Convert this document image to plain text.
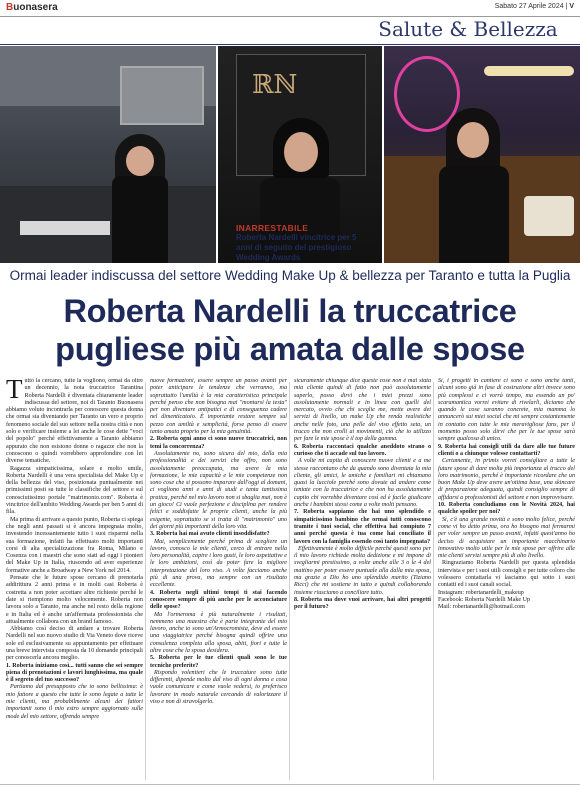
Buonasera	Sabato 27 Aprile 2024 | V
Salute & Bellezza
ℝℕ
INARRESTABILE
Roberta Nardelli vincitrice per 5 anni di seguito del prestigioso Wedding Awards
Ormai leader indiscussa del settore Wedding Make Up & bellezza per Taranto e tutta la Puglia
Roberta Nardelli la truccatrice
pugliese più amata dalle spose

Tutto la cercano, tutte la vogliono, ormai da oltre un decennio, la nota truccatrice Tarantina Roberta Nardelli è diventata chiaramente leader indiscussa del settore, noi di Taranto Buonasera abbiamo voluto incontrarla per conoscere questa donna che ormai sta diventando per Taranto un vero e proprio fenomeno sociale del suo settore nella nostra città e non solo e verificare insieme a lei anche le cose dette "voci del popolo" perché effettivamente a Taranto abbiamo appurato che non esistono donne o ragazze che non la conoscono o quindi vorrebbero approfondire con lei diverse tematiche.

Ragazza simpaticissima, solare e molto umile, Roberta Nardelli è una vera specialista del Make Up e della bellezza del viso, posizionata puntualmente nei primissimi posti su tutte le classifiche del settore e sul conosciutissimo portale "matrimonio.com". Roberta è vincitrice dell'ambito Wedding Awards per ben 5 anni di fila.

Ma prima di arrivare a questo punto, Roberta ci spiega che negli anni passati si è ancora impegnata molto, investendo incessantemente tutto i suoi risparmi nella sua formazione, infatti ha effettuato molti importanti corsi di alta specializzazione fra Roma, Milano e Cosenza con i maestri che sono stati ad oggi i pionieri del Make Up in Italia, riuscendo ad aver esperienze formative anche a Broadway a New York nel 2014.

Pensate che le future spose cercano di prenotarla addirittura 2 anni prima e in molti casi Roberta è costretta a non poter accettare altre richieste perché le date si riempiono molto velocemente. Roberta non lavora solo a Taranto, ma anche nel resto della regione e in Italia ed è anche un'affermata professionista che attualmente collabora con un brand famoso.

Abbiamo così deciso di andare a trovare Roberta Nardelli nel suo nuovo studio di Via Veneto dove riceve sole ed esclusivamente su appuntamento per effettuare una breve intervista composta da 10 domande principali per conoscerla ancora meglio.

1. Roberta iniziamo così... tutti sanno che sei sempre piena di prenotazioni e lavori lunghissima, ma quale è il segreto del tuo successo?

Partiamo dal presupposto che io sono bellissima: è mio fattore a questo che tutte le sono legate a tutte le mie clienti, ma probabilmente alcuni dei fattori importanti sono il mio estro sempre aggiornato sulle mode del mio settore, offrendo sempre

nuove formazioni, essere sempre un passo avanti per poter anticipare le tendenze che verranno, ma soprattutto l'umiltà è la mia caratteristica principale perché penso che non bisogna mai "montarsi la testa" per non diventare antipatici e di conseguenza cadere nel dimenticatoio. È importante restare sempre sul pezzo con umiltà e semplicità, forse penso di essere tanto amata proprio per la mia genuinità.

2. Roberta ogni anno ci sono nuove truccatrici, non temi la concorrenza?

Assolutamente no, sono sicura del mio, della mia professionalità e dei servizi che offro, non sono assolutamente preoccupata, ma avere la mia formazione, le mie capacità e le mie competenze non sono cose che si possono imparare dall'oggi al domani, ci vogliono anni e anni di studi e tanta tantissima pratica, perché nel mio lavoro non si sbaglia mai, non è un gioco! Ci vuole perfezione e disciplina per rendere felici e soddisfatte le proprie clienti, anche la più esigente, soprattutto se si tratta di "matrimonio" uno dei giorni più importanti della loro vita.

3. Roberta hai mai avuto clienti insoddisfatte?

Mai, semplicemente perché prima di scegliere un lavoro, conosco le mie clienti, cerco di entrare nella loro personalità, capire i loro gusti, le loro aspettative e le loro ambizioni, così da poter fare la migliore interpretazione del loro viso. A volte facciamo anche più di una prova, ma sempre con un risultato eccellente.

4. Roberta negli ultimi tempi ti stai facendo conoscere sempre di più anche per le acconciature delle spose?

Ma l'ormeroma è più naturalmente i risultati, nemmeno una maestra che è parte integrante del mio lavoro, anche io sono un'Armocromista, deve ed essere una viaggiatrice perché bisogna quindi offrire una consulenza completa alla sposa, abiti, fiori e tutte le altre cose che la sposa desidera.

5. Roberta per le tue clienti quali sono le tue tecniche preferite?

Rispondo volentieri che le truccature sono tutte differenti, dipende molto dal viso di ogni donna e cosa vuole comunicare e come vuole vedersi, io preferisco lavorare in modo naturale cercando di valorizzare il viso e non di stravolgerlo.

sicuramente chiunque dice queste cose non è mai stata mia cliente quindi di fatto non può assolutamente saperlo, posso dirvi che i miei prezzi sono assolutamente normali e in linea con quelli del mercato, ovvio che chi sceglie me, mette avere dei servizi di livello, un make Up che renda realistiche anche nelle foto, una pelle del viso effetto seta, un trucco che non crolli ai movimenti, ciò che io utilizzo per fare le mie spose è il top della gamma.

6. Roberta raccontaci qualche aneddoto strano o curioso che ti accade sul tuo lavoro.

A volte mi capita di conoscere nuove clienti e a me stesse raccontano che da quando sono diventata la mia cliente, gli amici, le amiche e familiari mi chiamano quasi la lucciole perché sono dovute ad andare come tentate con la truccatrice e che non ha assolutamente capito chi vorrebbe diventare così ed è facile giudicare anche i bambini stessi come a volte molti pensano.

7. Roberta sappiamo che hai uno splendido e simpaticissimo bambino che ormai tutti conoscono tramite i tuoi social, che effettiva hai compiuto 7 anni perché questa è tua come hai conciliato il lavoro con la famiglia essendo così tanto impegnata?

Effettivamente è molto difficile perché questi sono per il mio lavoro richiede molta dedizione e mi impone di svegliarmi prestissimo, a volte anche alle 3 o le 4 del mattino per poter essere puntuale alla dalla mia sposa, ma grazie a Dio ho uno splendido marito (Tiziano Ricci) che mi sostiene in tutto e quindi collaborando insieme riusciamo a conciliare tutto.

8. Roberta ma dove vuoi arrivare, hai altri progetti per il futuro?

Sì, i progetti in cantiere ci sono e sono anche tanti, alcuni sono già in fase di costruzione altri invece sono più complessi e ci vorrà tempo, ma essendo un po' scaramantica vorrei evitare di rivelarli, diciamo che quando le cose saranno concrete, mia mamma lo annuncerò sui miei social che mi sempre costantemente in contatto con tutte le mie meravigliose fans, per il momento posso solo dirvi che per le tue spose sarà sempre qualcosa di unico.

9. Roberta hai consigli utili da dare alle tue future clienti o a chiunque volesse contattarti?

Certamente, in primis vorrei consigliare a tutte le future spose di dare molta più importanza al trucco del loro matrimonio, perché è importante ricordare che un buon Make Up deve avere un'ottima base, una skincare di preparazione adeguata, quindi consiglio sempre di affidarsi a professionisti del settore e non improvvisare.

10. Roberta concludiamo con le Novità 2024, hai qualche spoiler per noi?

Sì, c'è una grande novità e sono molto felice, perché come vi ho detto prima, ora ho bisogno mai fermarmi per voler sempre un passo avanti, infatti quest'anno ho deciso di acquistare un importante macchinario innovativo molto utile per le mie spose per offrire alle mie clienti servizi sempre più di alto livello.

Ringraziamo Roberta Nardelli per questa splendida intervista e per i suoi utili consigli e per tutte coloro che volessero contattarla vi lasciamo qui sotto i suoi contatti ed i suoi canali social.

Instagram: robertanardelli_makeup

Facebook: Roberta Nardelli Make Up

Mail: robertanardelli@hotmail.com
